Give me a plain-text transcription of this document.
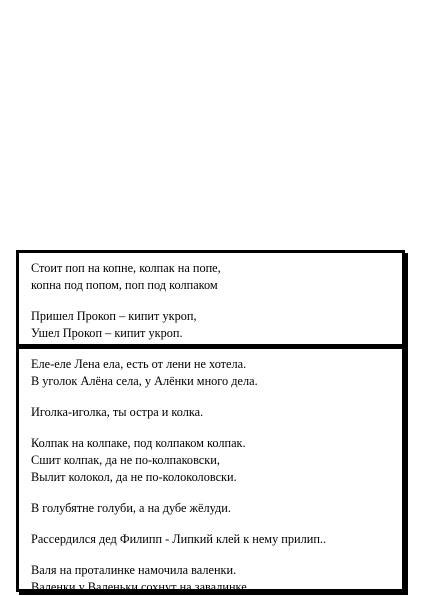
Стоит поп на копне, колпак на попе,
копна под попом, поп под колпаком
Пришел Прокоп – кипит укроп,
Ушел Прокоп – кипит укроп.
Еле-еле Лена ела, есть от лени не хотела.
В уголок Алёна села, у Алёнки много дела.
Иголка-иголка, ты остра и колка.
Колпак на колпаке, под колпаком колпак.
Сшит колпак, да не по-колпаковски,
Вылит колокол, да не по-колоколовски.
В голубятне голуби, а на дубе жёлуди.
Рассердился дед Филипп - Липкий клей к нему прилип..
Валя на проталинке намочила валенки.
Валенки у Валеньки сохнут на завалинке.
